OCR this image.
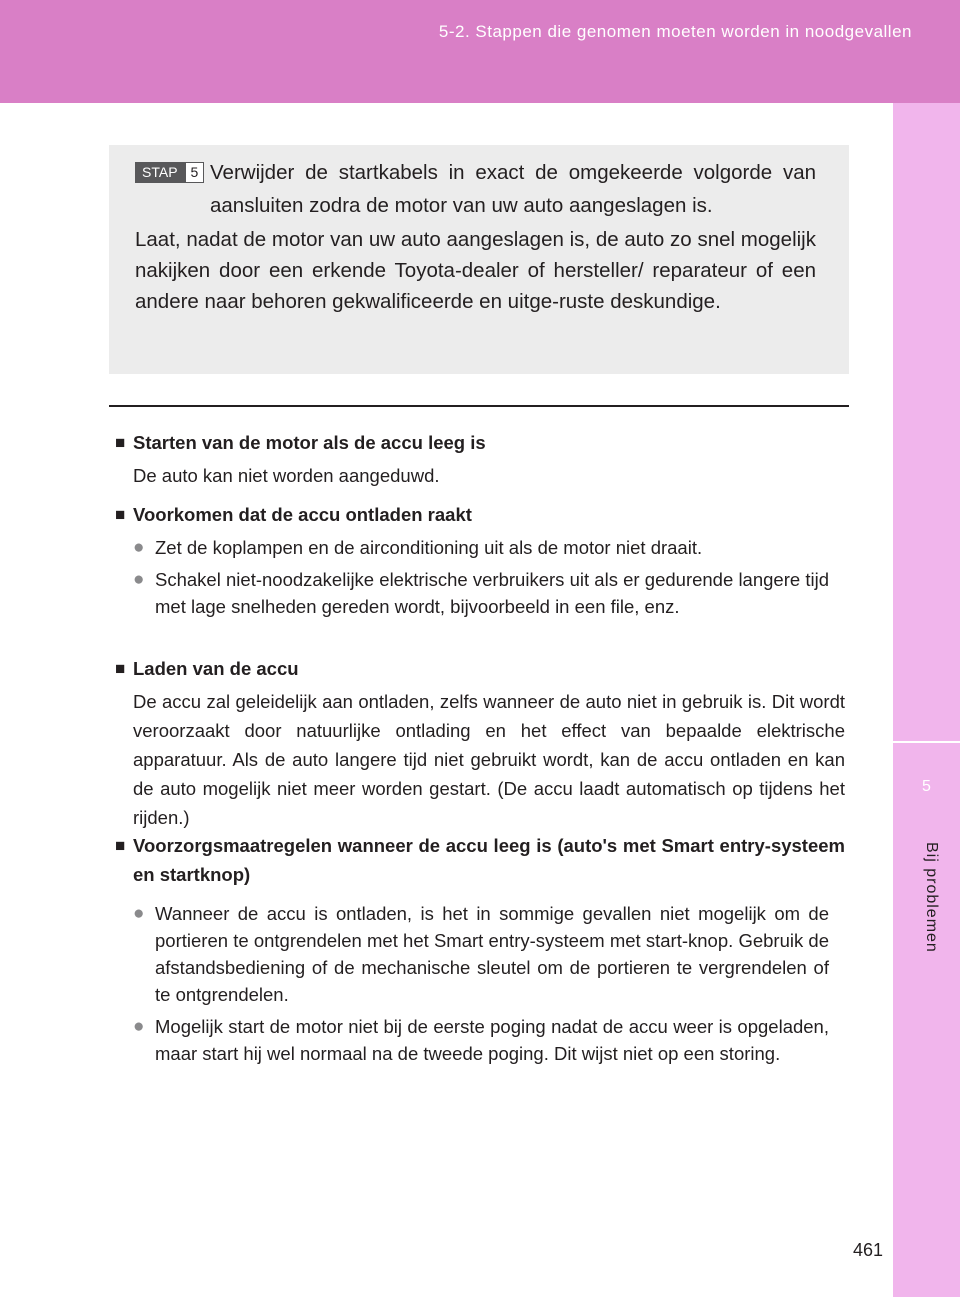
5-2. Stappen die genomen moeten worden in noodgevallen
5
Bij problemen
STAP 5 Verwijder de startkabels in exact de omgekeerde volgorde van aansluiten zodra de motor van uw auto aangeslagen is.

Laat, nadat de motor van uw auto aangeslagen is, de auto zo snel mogelijk nakijken door een erkende Toyota-dealer of hersteller/ reparateur of een andere naar behoren gekwalificeerde en uitge-ruste deskundige.

■ Starten van de motor als de accu leeg is
De auto kan niet worden aangeduwd.
■ Voorkomen dat de accu ontladen raakt
● Zet de koplampen en de airconditioning uit als de motor niet draait.
● Schakel niet-noodzakelijke elektrische verbruikers uit als er gedurende langere tijd met lage snelheden gereden wordt, bijvoorbeeld in een file, enz.
■ Laden van de accu
De accu zal geleidelijk aan ontladen, zelfs wanneer de auto niet in gebruik is. Dit wordt veroorzaakt door natuurlijke ontlading en het effect van bepaalde elektrische apparatuur. Als de auto langere tijd niet gebruikt wordt, kan de accu ontladen en kan de auto mogelijk niet meer worden gestart. (De accu laadt automatisch op tijdens het rijden.)
■ Voorzorgsmaatregelen wanneer de accu leeg is (auto's met Smart entry-systeem en startknop)
● Wanneer de accu is ontladen, is het in sommige gevallen niet mogelijk om de portieren te ontgrendelen met het Smart entry-systeem met start-knop. Gebruik de afstandsbediening of de mechanische sleutel om de portieren te vergrendelen of te ontgrendelen.
● Mogelijk start de motor niet bij de eerste poging nadat de accu weer is opgeladen, maar start hij wel normaal na de tweede poging. Dit wijst niet op een storing.
461
